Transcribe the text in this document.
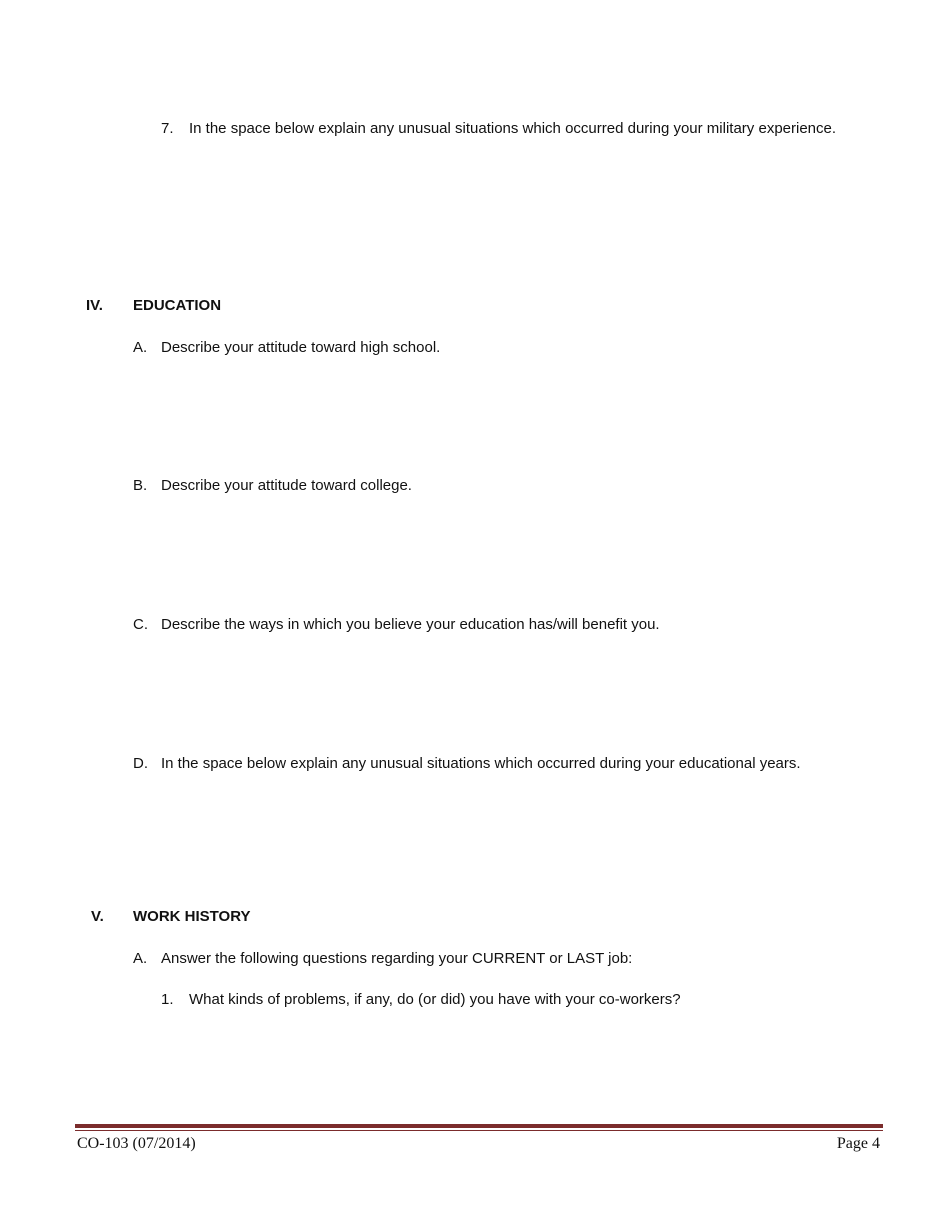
7. In the space below explain any unusual situations which occurred during your military experience.
IV. EDUCATION
A. Describe your attitude toward high school.
B. Describe your attitude toward college.
C. Describe the ways in which you believe your education has/will benefit you.
D. In the space below explain any unusual situations which occurred during your educational years.
V. WORK HISTORY
A. Answer the following questions regarding your CURRENT or LAST job:
1. What kinds of problems, if any, do (or did) you have with your co-workers?
CO-103 (07/2014)	Page 4
